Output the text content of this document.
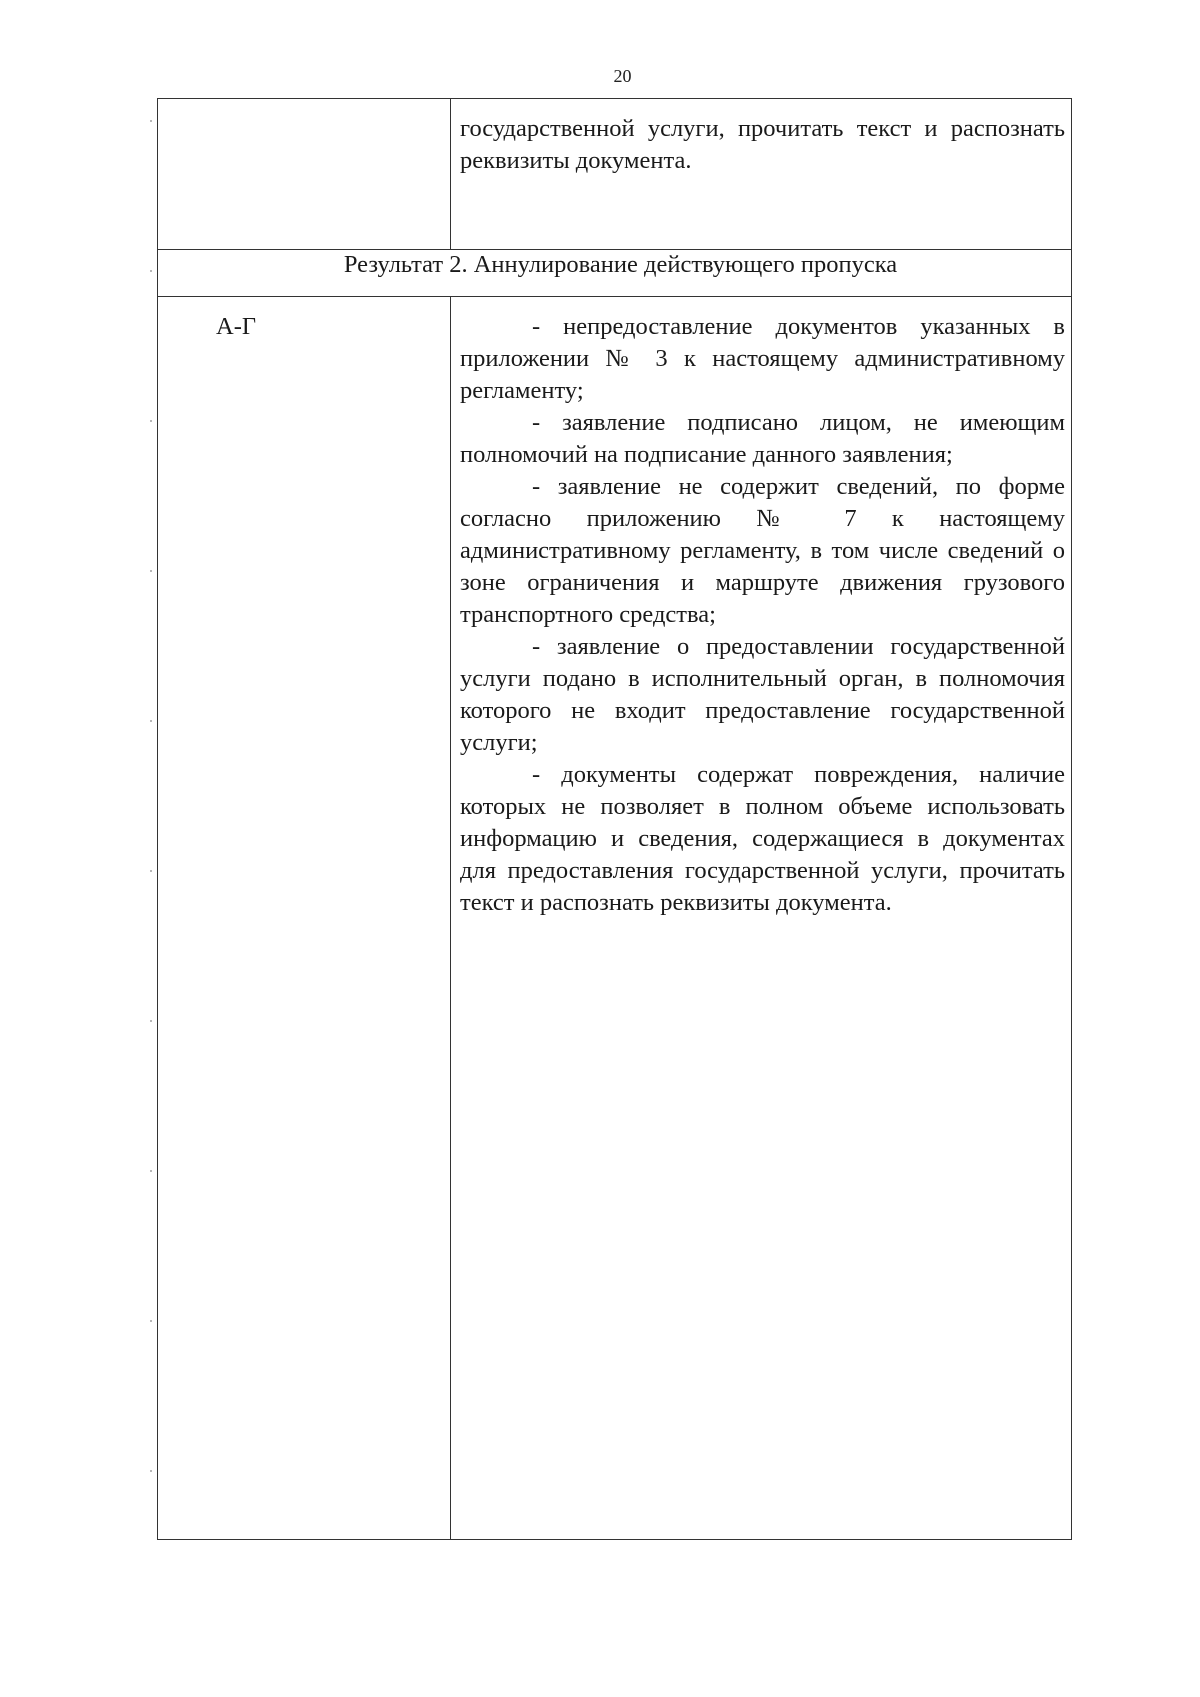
20

	государственной услуги, прочитать текст и распознать реквизиты документа.

Результат 2. Аннулирование действующего пропуска	

А-Г	- непредоставление документов указанных в приложении № 3 к настоящему административному регламенту;

- заявление подписано лицом, не имеющим полномочий на подписание данного заявления;

- заявление не содержит сведений, по форме согласно приложению № 7 к настоящему административному регламенту, в том числе сведений о зоне ограничения и маршруте движения грузового транспортного средства;

- заявление о предоставлении государственной услуги подано в исполнительный орган, в полномочия которого не входит предоставление государственной услуги;

- документы содержат повреждения, наличие которых не позволяет в полном объеме использовать информацию и сведения, содержащиеся в документах для предоставления государственной услуги, прочитать текст и распознать реквизиты документа.
